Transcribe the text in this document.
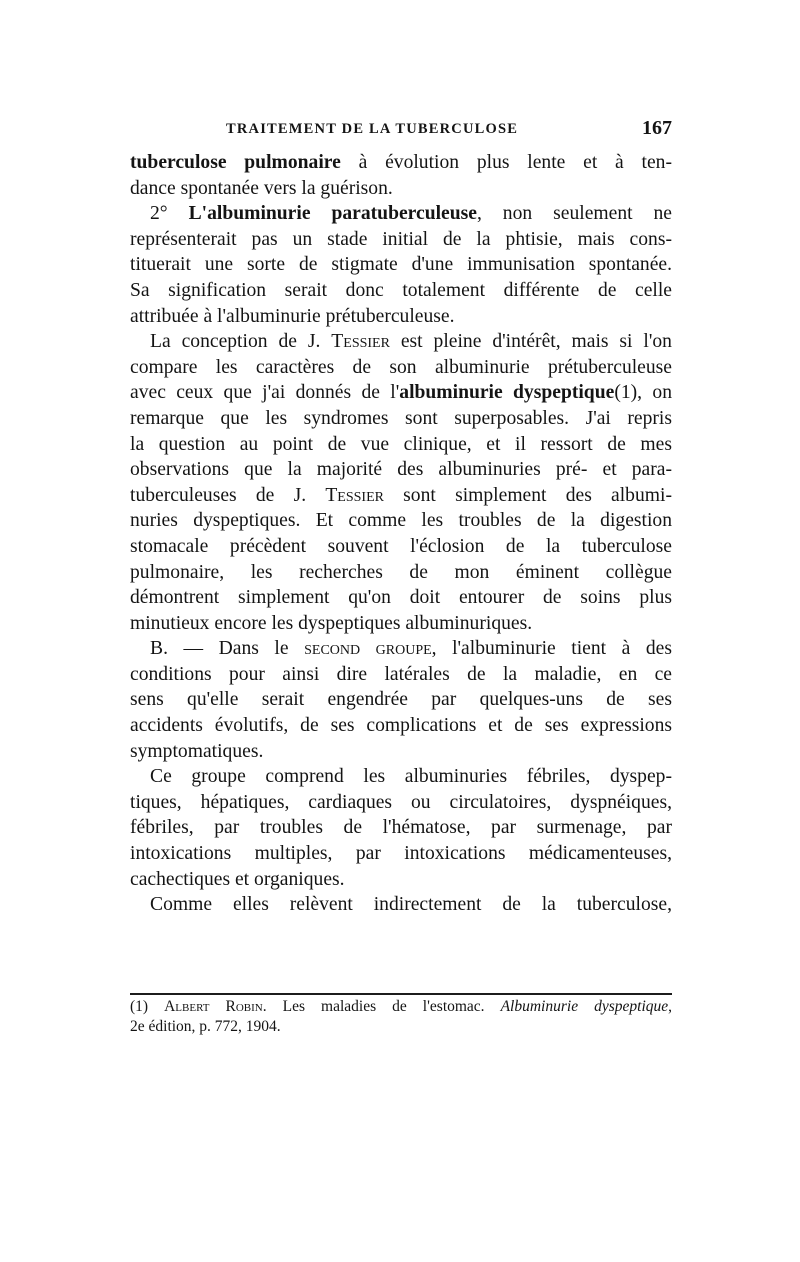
TRAITEMENT DE LA TUBERCULOSE	167
tuberculose pulmonaire à évolution plus lente et à ten-
dance spontanée vers la guérison.
2° L'albuminurie paratuberculeuse, non seulement ne
représenterait pas un stade initial de la phtisie, mais cons-
tituerait une sorte de stigmate d'une immunisation spontanée.
Sa signification serait donc totalement différente de celle
attribuée à l'albuminurie prétuberculeuse.
La conception de J. Tessier est pleine d'intérêt, mais si l'on
compare les caractères de son albuminurie prétuberculeuse
avec ceux que j'ai donnés de l'albuminurie dyspeptique(1), on
remarque que les syndromes sont superposables. J'ai repris
la question au point de vue clinique, et il ressort de mes
observations que la majorité des albuminuries pré- et para-
tuberculeuses de J. Tessier sont simplement des albumi-
nuries dyspeptiques. Et comme les troubles de la digestion
stomacale précèdent souvent l'éclosion de la tuberculose
pulmonaire, les recherches de mon éminent collègue
démontrent simplement qu'on doit entourer de soins plus
minutieux encore les dyspeptiques albuminuriques.
B. — Dans le second groupe, l'albuminurie tient à des
conditions pour ainsi dire latérales de la maladie, en ce
sens qu'elle serait engendrée par quelques-uns de ses
accidents évolutifs, de ses complications et de ses expressions
symptomatiques.
Ce groupe comprend les albuminuries fébriles, dyspep-
tiques, hépatiques, cardiaques ou circulatoires, dyspnéiques,
fébriles, par troubles de l'hématose, par surmenage, par
intoxications multiples, par intoxications médicamenteuses,
cachectiques et organiques.
Comme elles relèvent indirectement de la tuberculose,
(1) Albert Robin. Les maladies de l'estomac. Albuminurie dyspeptique,
2e édition, p. 772, 1904.
